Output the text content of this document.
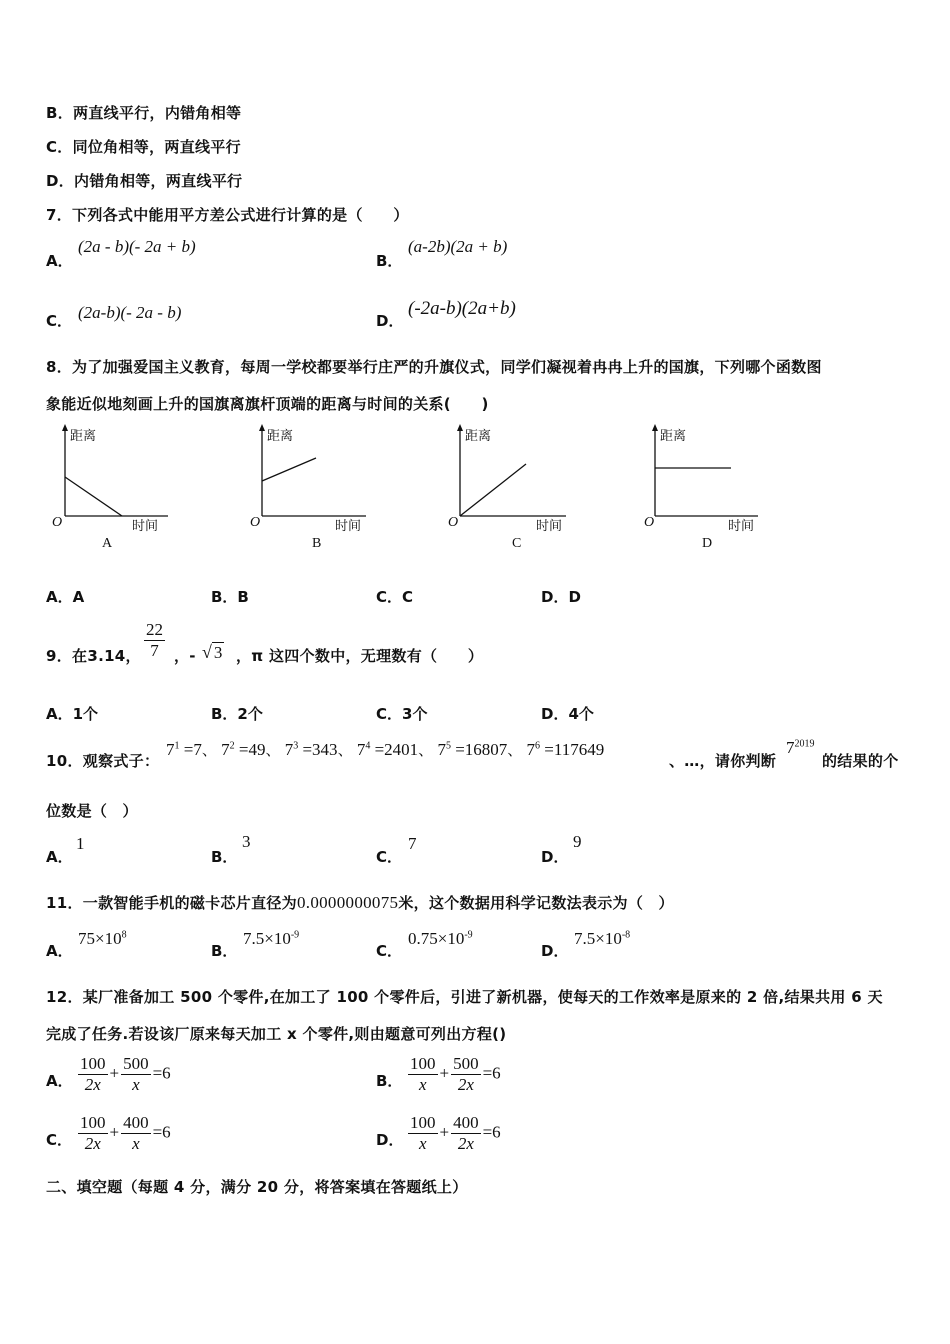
B．两直线平行，内错角相等
C．同位角相等，两直线平行
D．内错角相等，两直线平行
7．下列各式中能用平方差公式进行计算的是（　　）
A．
(2a - b)(- 2a + b)
B．
(a-2b)(2a + b)
C． (2a-b)(- 2a - b)	D．
(-2a-b)(2a+b)
8．为了加强爱国主义教育，每周一学校都要举行庄严的升旗仪式，同学们凝视着冉冉上升的国旗，下列哪个函数图
象能近似地刻画上升的国旗离旗杆顶端的距离与时间的关系(　　)
距离
时间
O
A
距离
时间
O
B
距离
时间
O
C
距离
时间
O
D
A．A	B．B	C．C	D．D
9．在3.14， $\frac{22}{7}$ ，- √ 3 ，π 这四个数中，无理数有（　　）
A．1个	B．2个	C．3个	D．4个
10．观察式子：
$7^1 =7$、 $7^2 =49$、 $7^3 =343$、 $7^4 =2401$、 $7^5 =16807$、 $7^6 =117649$
、…，请你判断
$7^{2019}$
的结果的个
位数是（　）
A．
1
B．
3
C．
7
D．
9
11．一款智能手机的磁卡芯片直径为0.0000000075米，这个数据用科学记数法表示为（　）
A．
$75\times 10^8$
B．
$7.5\times 10^{-9}$
C．
$0.75\times 10^{-9}$
D．
$7.5\times 10^{-8}$
12．某厂准备加工 500 个零件,在加工了 100 个零件后，引进了新机器，使每天的工作效率是原来的 2 倍,结果共用 6 天
完成了任务.若设该厂原来每天加工 x 个零件,则由题意可列出方程()
A． $\frac{100}{2x} + \frac{500}{x} =6$	B． $\frac{100}{x} + \frac{500}{2x} =6$
C． $\frac{100}{2x} + \frac{400}{x} =6$	D． $\frac{100}{x} + \frac{400}{2x} =6$
二、填空题（每题 4 分，满分 20 分，将答案填在答题纸上）
